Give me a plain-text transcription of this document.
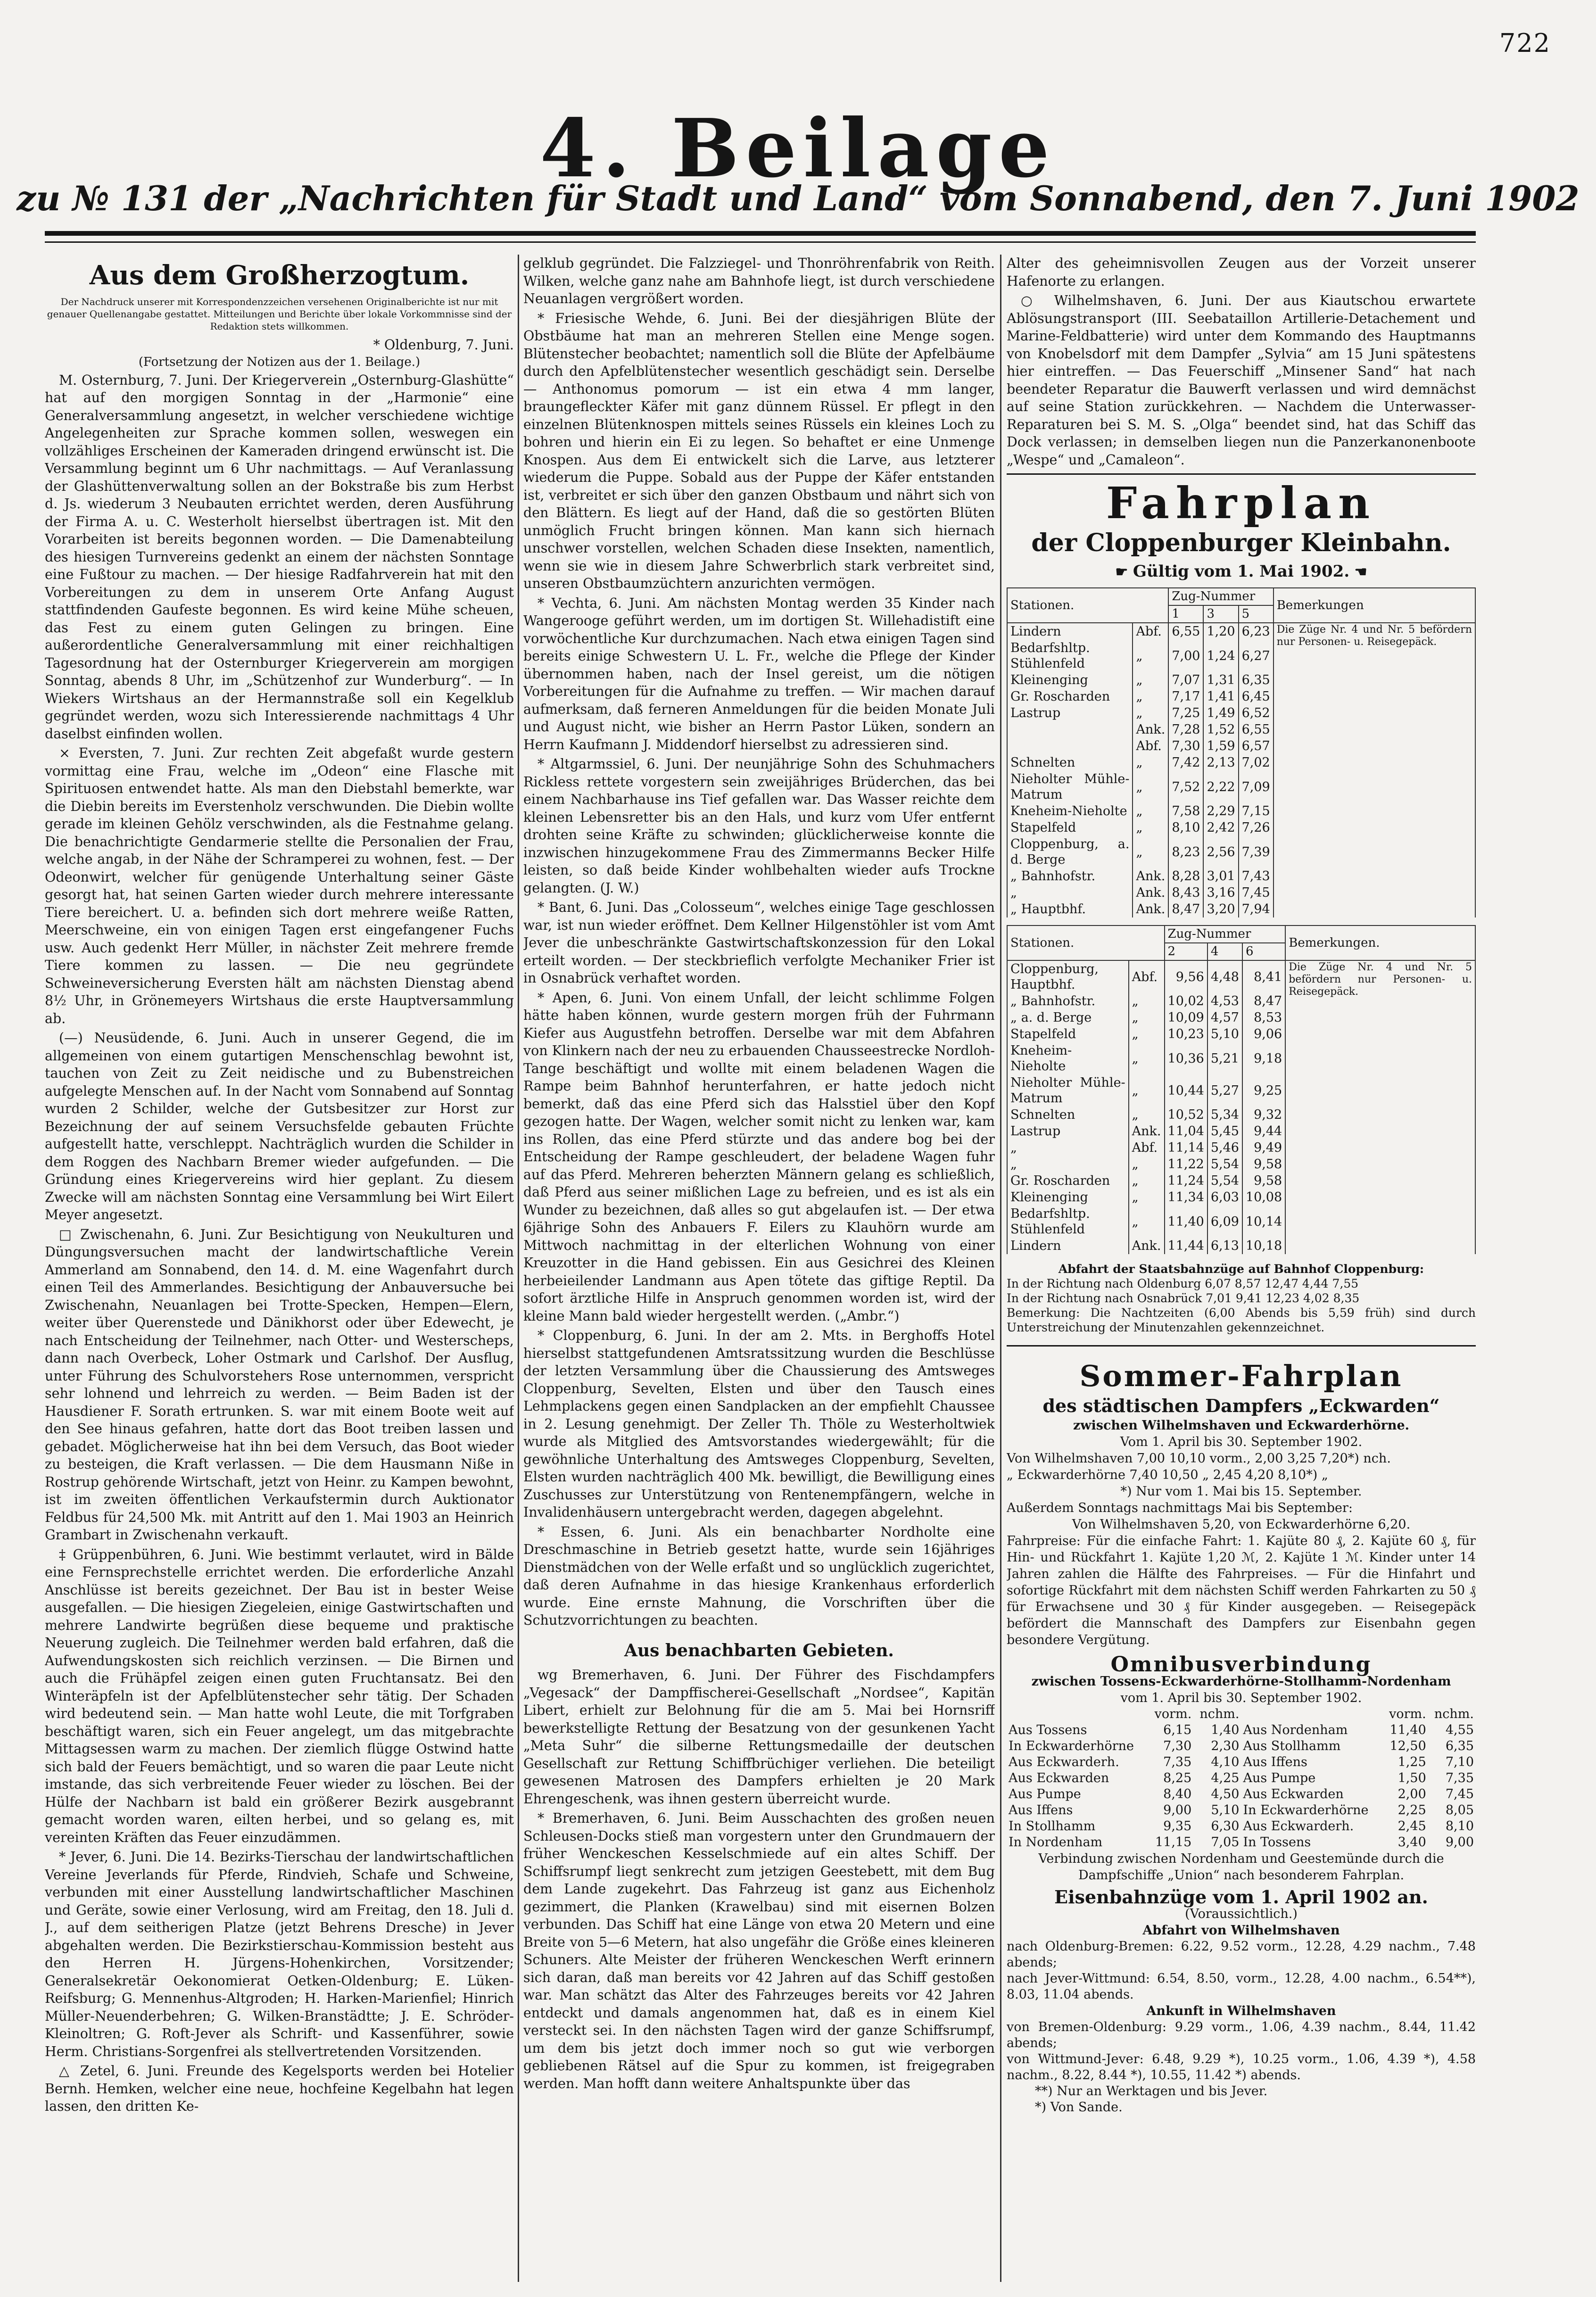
722
4. Beilage
zu № 131 der „Nachrichten für Stadt und Land“ vom Sonnabend, den 7. Juni 1902
Aus dem Großherzogtum.
Der Nachdruck unserer mit Korrespondenzzeichen versehenen Originalberichte ist nur mit genauer Quellenangabe gestattet. Mitteilungen und Berichte über lokale Vorkommnisse sind der Redaktion stets willkommen.
* Oldenburg, 7. Juni.
(Fortsetzung der Notizen aus der 1. Beilage.)

M. Osternburg, 7. Juni. Der Kriegerverein „Osternburg-Glashütte“ hat auf den morgigen Sonntag in der „Harmonie“ eine Generalversammlung angesetzt, in welcher verschiedene wichtige Angelegenheiten zur Sprache kommen sollen, weswegen ein vollzähliges Erscheinen der Kameraden dringend erwünscht ist. Die Versammlung beginnt um 6 Uhr nachmittags. — Auf Veranlassung der Glashüttenverwaltung sollen an der Bokstraße bis zum Herbst d. Js. wiederum 3 Neubauten errichtet werden, deren Ausführung der Firma A. u. C. Westerholt hierselbst übertragen ist. Mit den Vorarbeiten ist bereits begonnen worden. — Die Damenabteilung des hiesigen Turnvereins gedenkt an einem der nächsten Sonntage eine Fußtour zu machen. — Der hiesige Radfahrverein hat mit den Vorbereitungen zu dem in unserem Orte Anfang August stattfindenden Gaufeste begonnen. Es wird keine Mühe scheuen, das Fest zu einem guten Gelingen zu bringen. Eine außerordentliche Generalversammlung mit einer reichhaltigen Tagesordnung hat der Osternburger Kriegerverein am morgigen Sonntag, abends 8 Uhr, im „Schützenhof zur Wunderburg“. — In Wiekers Wirtshaus an der Hermannstraße soll ein Kegelklub gegründet werden, wozu sich Interessierende nachmittags 4 Uhr daselbst einfinden wollen.

× Eversten, 7. Juni. Zur rechten Zeit abgefaßt wurde gestern vormittag eine Frau, welche im „Odeon“ eine Flasche mit Spirituosen entwendet hatte. Als man den Diebstahl bemerkte, war die Diebin bereits im Everstenholz verschwunden. Die Diebin wollte gerade im kleinen Gehölz verschwinden, als die Festnahme gelang. Die benachrichtigte Gendarmerie stellte die Personalien der Frau, welche angab, in der Nähe der Schramperei zu wohnen, fest. — Der Odeonwirt, welcher für genügende Unterhaltung seiner Gäste gesorgt hat, hat seinen Garten wieder durch mehrere interessante Tiere bereichert. U. a. befinden sich dort mehrere weiße Ratten, Meerschweine, ein von einigen Tagen erst eingefangener Fuchs usw. Auch gedenkt Herr Müller, in nächster Zeit mehrere fremde Tiere kommen zu lassen. — Die neu gegründete Schweineversicherung Eversten hält am nächsten Dienstag abend 8½ Uhr, in Grönemeyers Wirtshaus die erste Hauptversammlung ab.

(—) Neusüdende, 6. Juni. Auch in unserer Gegend, die im allgemeinen von einem gutartigen Menschenschlag bewohnt ist, tauchen von Zeit zu Zeit neidische und zu Bubenstreichen aufgelegte Menschen auf. In der Nacht vom Sonnabend auf Sonntag wurden 2 Schilder, welche der Gutsbesitzer zur Horst zur Bezeichnung der auf seinem Versuchsfelde gebauten Früchte aufgestellt hatte, verschleppt. Nachträglich wurden die Schilder in dem Roggen des Nachbarn Bremer wieder aufgefunden. — Die Gründung eines Kriegervereins wird hier geplant. Zu diesem Zwecke will am nächsten Sonntag eine Versammlung bei Wirt Eilert Meyer angesetzt.

□ Zwischenahn, 6. Juni. Zur Besichtigung von Neukulturen und Düngungsversuchen macht der landwirtschaftliche Verein Ammerland am Sonnabend, den 14. d. M. eine Wagenfahrt durch einen Teil des Ammerlandes. Besichtigung der Anbauversuche bei Zwischenahn, Neuanlagen bei Trotte-Specken, Hempen—Elern, weiter über Querenstede und Dänikhorst oder über Edewecht, je nach Entscheidung der Teilnehmer, nach Otter- und Westerscheps, dann nach Overbeck, Loher Ostmark und Carlshof. Der Ausflug, unter Führung des Schulvorstehers Rose unternommen, verspricht sehr lohnend und lehrreich zu werden. — Beim Baden ist der Hausdiener F. Sorath ertrunken. S. war mit einem Boote weit auf den See hinaus gefahren, hatte dort das Boot treiben lassen und gebadet. Möglicherweise hat ihn bei dem Versuch, das Boot wieder zu besteigen, die Kraft verlassen. — Die dem Hausmann Niße in Rostrup gehörende Wirtschaft, jetzt von Heinr. zu Kampen bewohnt, ist im zweiten öffentlichen Verkaufstermin durch Auktionator Feldbus für 24,500 Mk. mit Antritt auf den 1. Mai 1903 an Heinrich Grambart in Zwischenahn verkauft.

‡ Grüppenbühren, 6. Juni. Wie bestimmt verlautet, wird in Bälde eine Fernsprechstelle errichtet werden. Die erforderliche Anzahl Anschlüsse ist bereits gezeichnet. Der Bau ist in bester Weise ausgefallen. — Die hiesigen Ziegeleien, einige Gastwirtschaften und mehrere Landwirte begrüßen diese bequeme und praktische Neuerung zugleich. Die Teilnehmer werden bald erfahren, daß die Aufwendungskosten sich reichlich verzinsen. — Die Birnen und auch die Frühäpfel zeigen einen guten Fruchtansatz. Bei den Winteräpfeln ist der Apfelblütenstecher sehr tätig. Der Schaden wird bedeutend sein. — Man hatte wohl Leute, die mit Torfgraben beschäftigt waren, sich ein Feuer angelegt, um das mitgebrachte Mittagsessen warm zu machen. Der ziemlich flügge Ostwind hatte sich bald der Feuers bemächtigt, und so waren die paar Leute nicht imstande, das sich verbreitende Feuer wieder zu löschen. Bei der Hülfe der Nachbarn ist bald ein größerer Bezirk ausgebrannt gemacht worden waren, eilten herbei, und so gelang es, mit vereinten Kräften das Feuer einzudämmen.

* Jever, 6. Juni. Die 14. Bezirks-Tierschau der landwirtschaftlichen Vereine Jeverlands für Pferde, Rindvieh, Schafe und Schweine, verbunden mit einer Ausstellung landwirtschaftlicher Maschinen und Geräte, sowie einer Verlosung, wird am Freitag, den 18. Juli d. J., auf dem seitherigen Platze (jetzt Behrens Dresche) in Jever abgehalten werden. Die Bezirkstierschau-Kommission besteht aus den Herren H. Jürgens-Hohenkirchen, Vorsitzender; Generalsekretär Oekonomierat Oetken-Oldenburg; E. Lüken-Reifsburg; G. Mennenhus-Altgroden; H. Harken-Marienfiel; Hinrich Müller-Neuenderbehren; G. Wilken-Branstädtte; J. E. Schröder-Kleinoltren; G. Roft-Jever als Schrift- und Kassenführer, sowie Herm. Christians-Sorgenfrei als stellvertretenden Vorsitzenden.

△ Zetel, 6. Juni. Freunde des Kegelsports werden bei Hotelier Bernh. Hemken, welcher eine neue, hochfeine Kegelbahn hat legen lassen, den dritten Ke-

gelklub gegründet. Die Falzziegel- und Thonröhrenfabrik von Reith. Wilken, welche ganz nahe am Bahnhofe liegt, ist durch verschiedene Neuanlagen vergrößert worden.

* Friesische Wehde, 6. Juni. Bei der diesjährigen Blüte der Obstbäume hat man an mehreren Stellen eine Menge sogen. Blütenstecher beobachtet; namentlich soll die Blüte der Apfelbäume durch den Apfelblütenstecher wesentlich geschädigt sein. Derselbe — Anthonomus pomorum — ist ein etwa 4 mm langer, braungefleckter Käfer mit ganz dünnem Rüssel. Er pflegt in den einzelnen Blütenknospen mittels seines Rüssels ein kleines Loch zu bohren und hierin ein Ei zu legen. So behaftet er eine Unmenge Knospen. Aus dem Ei entwickelt sich die Larve, aus letzterer wiederum die Puppe. Sobald aus der Puppe der Käfer entstanden ist, verbreitet er sich über den ganzen Obstbaum und nährt sich von den Blättern. Es liegt auf der Hand, daß die so gestörten Blüten unmöglich Frucht bringen können. Man kann sich hiernach unschwer vorstellen, welchen Schaden diese Insekten, namentlich, wenn sie wie in diesem Jahre Schwerbrlich stark verbreitet sind, unseren Obstbaumzüchtern anzurichten vermögen.

* Vechta, 6. Juni. Am nächsten Montag werden 35 Kinder nach Wangerooge geführt werden, um im dortigen St. Willehadistift eine vorwöchentliche Kur durchzumachen. Nach etwa einigen Tagen sind bereits einige Schwestern U. L. Fr., welche die Pflege der Kinder übernommen haben, nach der Insel gereist, um die nötigen Vorbereitungen für die Aufnahme zu treffen. — Wir machen darauf aufmerksam, daß ferneren Anmeldungen für die beiden Monate Juli und August nicht, wie bisher an Herrn Pastor Lüken, sondern an Herrn Kaufmann J. Middendorf hierselbst zu adressieren sind.

* Altgarmssiel, 6. Juni. Der neunjährige Sohn des Schuhmachers Rickless rettete vorgestern sein zweijähriges Brüderchen, das bei einem Nachbarhause ins Tief gefallen war. Das Wasser reichte dem kleinen Lebensretter bis an den Hals, und kurz vom Ufer entfernt drohten seine Kräfte zu schwinden; glücklicherweise konnte die inzwischen hinzugekommene Frau des Zimmermanns Becker Hilfe leisten, so daß beide Kinder wohlbehalten wieder aufs Trockne gelangten. (J. W.)

* Bant, 6. Juni. Das „Colosseum“, welches einige Tage geschlossen war, ist nun wieder eröffnet. Dem Kellner Hilgenstöhler ist vom Amt Jever die unbeschränkte Gastwirtschaftskonzession für den Lokal erteilt worden. — Der steckbrieflich verfolgte Mechaniker Frier ist in Osnabrück verhaftet worden.

* Apen, 6. Juni. Von einem Unfall, der leicht schlimme Folgen hätte haben können, wurde gestern morgen früh der Fuhrmann Kiefer aus Augustfehn betroffen. Derselbe war mit dem Abfahren von Klinkern nach der neu zu erbauenden Chausseestrecke Nordloh-Tange beschäftigt und wollte mit einem beladenen Wagen die Rampe beim Bahnhof herunterfahren, er hatte jedoch nicht bemerkt, daß das eine Pferd sich das Halsstiel über den Kopf gezogen hatte. Der Wagen, welcher somit nicht zu lenken war, kam ins Rollen, das eine Pferd stürzte und das andere bog bei der Entscheidung der Rampe geschleudert, der beladene Wagen fuhr auf das Pferd. Mehreren beherzten Männern gelang es schließlich, daß Pferd aus seiner mißlichen Lage zu befreien, und es ist als ein Wunder zu bezeichnen, daß alles so gut abgelaufen ist. — Der etwa 6jährige Sohn des Anbauers F. Eilers zu Klauhörn wurde am Mittwoch nachmittag in der elterlichen Wohnung von einer Kreuzotter in die Hand gebissen. Ein aus Gesichrei des Kleinen herbeieilender Landmann aus Apen tötete das giftige Reptil. Da sofort ärztliche Hilfe in Anspruch genommen worden ist, wird der kleine Mann bald wieder hergestellt werden. („Ambr.“)

* Cloppenburg, 6. Juni. In der am 2. Mts. in Berghoffs Hotel hierselbst stattgefundenen Amtsratssitzung wurden die Beschlüsse der letzten Versammlung über die Chaussierung des Amtsweges Cloppenburg, Sevelten, Elsten und über den Tausch eines Lehmplackens gegen einen Sandplacken an der empfiehlt Chaussee in 2. Lesung genehmigt. Der Zeller Th. Thöle zu Westerholtwiek wurde als Mitglied des Amtsvorstandes wiedergewählt; für die gewöhnliche Unterhaltung des Amtsweges Cloppenburg, Sevelten, Elsten wurden nachträglich 400 Mk. bewilligt, die Bewilligung eines Zuschusses zur Unterstützung von Rentenempfängern, welche in Invalidenhäusern untergebracht werden, dagegen abgelehnt.

* Essen, 6. Juni. Als ein benachbarter Nordholte eine Dreschmaschine in Betrieb gesetzt hatte, wurde sein 16jähriges Dienstmädchen von der Welle erfaßt und so unglücklich zugerichtet, daß deren Aufnahme in das hiesige Krankenhaus erforderlich wurde. Eine ernste Mahnung, die Vorschriften über die Schutzvorrichtungen zu beachten.

Aus benachbarten Gebieten.

wg Bremerhaven, 6. Juni. Der Führer des Fischdampfers „Vegesack“ der Dampffischerei-Gesellschaft „Nordsee“, Kapitän Libert, erhielt zur Belohnung für die am 5. Mai bei Hornsriff bewerkstelligte Rettung der Besatzung von der gesunkenen Yacht „Meta Suhr“ die silberne Rettungsmedaille der deutschen Gesellschaft zur Rettung Schiffbrüchiger verliehen. Die beteiligt gewesenen Matrosen des Dampfers erhielten je 20 Mark Ehrengeschenk, was ihnen gestern überreicht wurde.

* Bremerhaven, 6. Juni. Beim Ausschachten des großen neuen Schleusen-Docks stieß man vorgestern unter den Grundmauern der früher Wenckeschen Kesselschmiede auf ein altes Schiff. Der Schiffsrumpf liegt senkrecht zum jetzigen Geestebett, mit dem Bug dem Lande zugekehrt. Das Fahrzeug ist ganz aus Eichenholz gezimmert, die Planken (Krawelbau) sind mit eisernen Bolzen verbunden. Das Schiff hat eine Länge von etwa 20 Metern und eine Breite von 5—6 Metern, hat also ungefähr die Größe eines kleineren Schuners. Alte Meister der früheren Wenckeschen Werft erinnern sich daran, daß man bereits vor 42 Jahren auf das Schiff gestoßen war. Man schätzt das Alter des Fahrzeuges bereits vor 42 Jahren entdeckt und damals angenommen hat, daß es in einem Kiel versteckt sei. In den nächsten Tagen wird der ganze Schiffsrumpf, um dem bis jetzt doch immer noch so gut wie verborgen gebliebenen Rätsel auf die Spur zu kommen, ist freigegraben werden. Man hofft dann weitere Anhaltspunkte über das

Alter des geheimnisvollen Zeugen aus der Vorzeit unserer Hafenorte zu erlangen.

○ Wilhelmshaven, 6. Juni. Der aus Kiautschou erwartete Ablösungstransport (III. Seebataillon Artillerie-Detachement und Marine-Feldbatterie) wird unter dem Kommando des Hauptmanns von Knobelsdorf mit dem Dampfer „Sylvia“ am 15 Juni spätestens hier eintreffen. — Das Feuerschiff „Minsener Sand“ hat nach beendeter Reparatur die Bauwerft verlassen und wird demnächst auf seine Station zurückkehren. — Nachdem die Unterwasser-Reparaturen bei S. M. S. „Olga“ beendet sind, hat das Schiff das Dock verlassen; in demselben liegen nun die Panzerkanonenboote „Wespe“ und „Camaleon“.

Fahrplan
der Cloppenburger Kleinbahn.
☛ Gültig vom 1. Mai 1902. ☚
Stationen.		Zug-Nummer			Bemerkungen
		1	3	5	
Lindern	Abf.	6,55	1,20	6,23	Die Züge Nr. 4 und Nr. 5 befördern nur Personen- u. Reisegepäck.
Bedarfshltp. Stühlenfeld	„	7,00	1,24	6,27	
Kleinenging	„	7,07	1,31	6,35	
Gr. Roscharden	„	7,17	1,41	6,45	
Lastrup	„	7,25	1,49	6,52	
	Ank.	7,28	1,52	6,55	
	Abf.	7,30	1,59	6,57	
Schnelten	„	7,42	2,13	7,02	
Nieholter Mühle-Matrum	„	7,52	2,22	7,09	
Kneheim-Nieholte	„	7,58	2,29	7,15	
Stapelfeld	„	8,10	2,42	7,26	
Cloppenburg, a. d. Berge	„	8,23	2,56	7,39	
„ Bahnhofstr.	Ank.	8,28	3,01	7,43	
„	Ank.	8,43	3,16	7,45	
„ Hauptbhf.	Ank.	8,47	3,20	7,94	
Stationen.		Zug-Nummer			Bemerkungen.
		2	4	6	
Cloppenburg, Hauptbhf.	Abf.	9,56	4,48	8,41	Die Züge Nr. 4 und Nr. 5 befördern nur Personen- u. Reisegepäck.
„ Bahnhofstr.	„	10,02	4,53	8,47	
„ a. d. Berge	„	10,09	4,57	8,53	
Stapelfeld	„	10,23	5,10	9,06	
Kneheim-Nieholte	„	10,36	5,21	9,18	
Nieholter Mühle-Matrum	„	10,44	5,27	9,25	
Schnelten	„	10,52	5,34	9,32	
Lastrup	Ank.	11,04	5,45	9,44	
„	Abf.	11,14	5,46	9,49	
„	„	11,22	5,54	9,58	
Gr. Roscharden	„	11,24	5,54	9,58	
Kleinenging	„	11,34	6,03	10,08	
Bedarfshltp. Stühlenfeld	„	11,40	6,09	10,14	
Lindern	Ank.	11,44	6,13	10,18	
Abfahrt der Staatsbahnzüge auf Bahnhof Cloppenburg:
In der Richtung nach Oldenburg 6,07 8,57 12,47 4,44 7,55
In der Richtung nach Osnabrück 7,01 9,41 12,23 4,02 8,35
Bemerkung: Die Nachtzeiten (6,00 Abends bis 5,59 früh) sind durch Unterstreichung der Minutenzahlen gekennzeichnet.
Sommer-Fahrplan
des städtischen Dampfers „Eckwarden“
zwischen Wilhelmshaven und Eckwarderhörne.
Vom 1. April bis 30. September 1902.
Von Wilhelmshaven 7,00 10,10 vorm., 2,00 3,25 7,20*) nch.
„ Eckwarderhörne 7,40 10,50 „ 2,45 4,20 8,10*) „
*) Nur vom 1. Mai bis 15. September.
Außerdem Sonntags nachmittags Mai bis September:
Von Wilhelmshaven 5,20, von Eckwarderhörne 6,20.
Fahrpreise: Für die einfache Fahrt: 1. Kajüte 80 ₰, 2. Kajüte 60 ₰, für Hin- und Rückfahrt 1. Kajüte 1,20 ℳ, 2. Kajüte 1 ℳ. Kinder unter 14 Jahren zahlen die Hälfte des Fahrpreises. — Für die Hinfahrt und sofortige Rückfahrt mit dem nächsten Schiff werden Fahrkarten zu 50 ₰ für Erwachsene und 30 ₰ für Kinder ausgegeben. — Reisegepäck befördert die Mannschaft des Dampfers zur Eisenbahn gegen besondere Vergütung.
Omnibusverbindung
zwischen Tossens-Eckwarderhörne-Stollhamm-Nordenham
vom 1. April bis 30. September 1902.
	vorm.	nchm.		vorm.	nchm.
Aus Tossens	6,15	1,40	Aus Nordenham	11,40	4,55
In Eckwarderhörne	7,30	2,30	Aus Stollhamm	12,50	6,35
Aus Eckwarderh.	7,35	4,10	Aus Iffens	1,25	7,10
Aus Eckwarden	8,25	4,25	Aus Pumpe	1,50	7,35
Aus Pumpe	8,40	4,50	Aus Eckwarden	2,00	7,45
Aus Iffens	9,00	5,10	In Eckwarderhörne	2,25	8,05
In Stollhamm	9,35	6,30	Aus Eckwarderh.	2,45	8,10
In Nordenham	11,15	7,05	In Tossens	3,40	9,00
Verbindung zwischen Nordenham und Geestemünde durch die Dampfschiffe „Union“ nach besonderem Fahrplan.
Eisenbahnzüge vom 1. April 1902 an.
(Voraussichtlich.)
Abfahrt von Wilhelmshaven
nach Oldenburg-Bremen: 6.22, 9.52 vorm., 12.28, 4.29 nachm., 7.48 abends;
nach Jever-Wittmund: 6.54, 8.50, vorm., 12.28, 4.00 nachm., 6.54**), 8.03, 11.04 abends.
Ankunft in Wilhelmshaven
von Bremen-Oldenburg: 9.29 vorm., 1.06, 4.39 nachm., 8.44, 11.42 abends;
von Wittmund-Jever: 6.48, 9.29 *), 10.25 vorm., 1.06, 4.39 *), 4.58 nachm., 8.22, 8.44 *), 10.55, 11.42 *) abends.
**) Nur an Werktagen und bis Jever.
*) Von Sande.
